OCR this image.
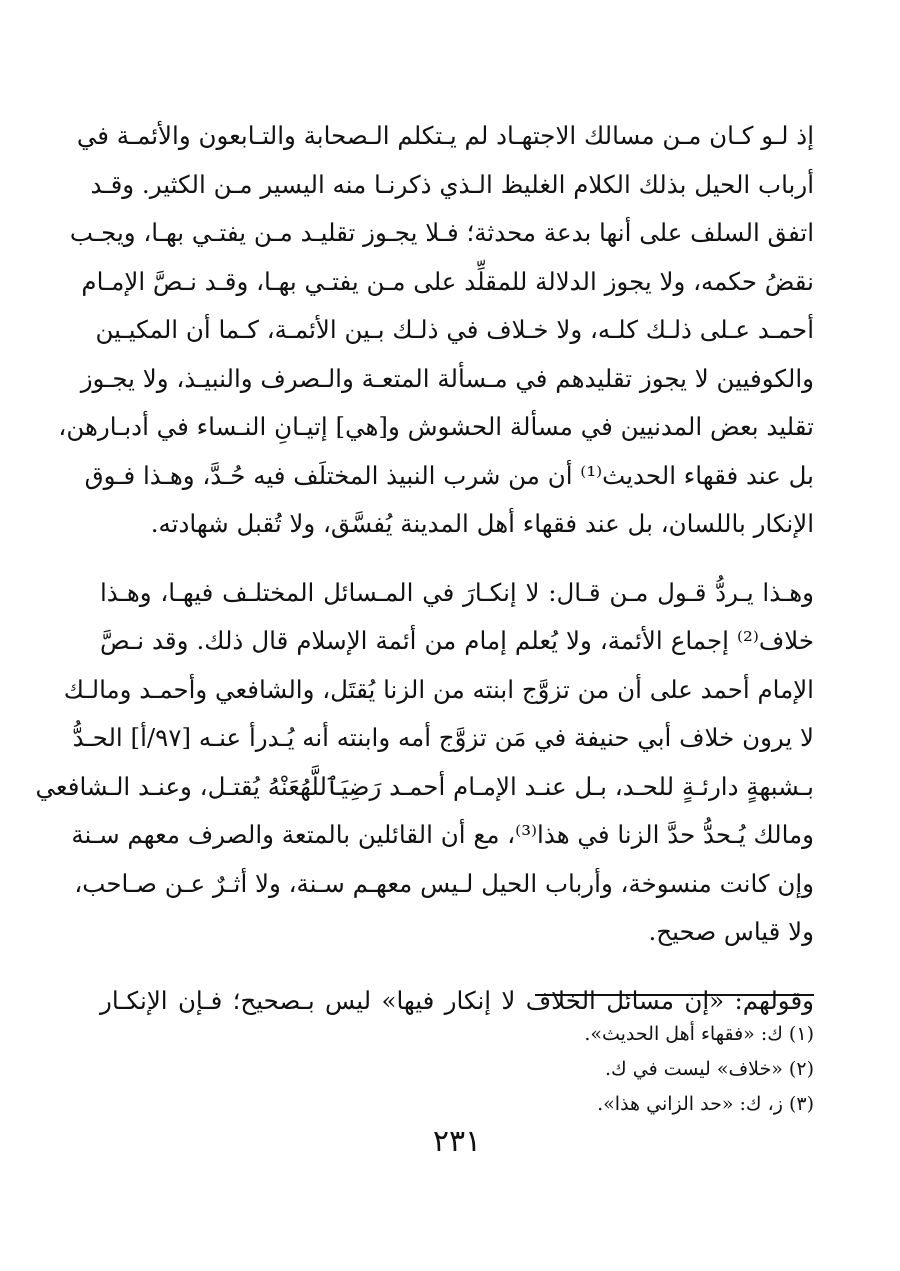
إذ لـو كـان مـن مسالك الاجتهـاد لم يـتكلم الـصحابة والتـابعون والأئمـة في
أرباب الحيل بذلك الكلام الغليظ الـذي ذكرنـا منه اليسير مـن الكثير. وقـد
اتفق السلف على أنها بدعة محدثة؛ فـلا يجـوز تقليـد مـن يفتـي بهـا، ويجـب
نقضُ حكمه، ولا يجوز الدلالة للمقلِّد على مـن يفتـي بهـا، وقـد نـصَّ الإمـام
أحمـد عـلى ذلـك كلـه، ولا خـلاف في ذلـك بـين الأئمـة، كـما أن المكيـين
والكوفيين لا يجوز تقليدهم في مـسألة المتعـة والـصرف والنبيـذ، ولا يجـوز
تقليد بعض المدنيين في مسألة الحشوش و[هي] إتيـانِ النـساء في أدبـارهن،
بل عند فقهاء الحديث⁽¹⁾ أن من شرب النبيذ المختلَف فيه حُـدَّ، وهـذا فـوق
الإنكار باللسان، بل عند فقهاء أهل المدينة يُفسَّق، ولا تُقبل شهادته.
وهـذا يـردُّ قـول مـن قـال: لا إنكـارَ في المـسائل المختلـف فيهـا، وهـذا
خلاف⁽²⁾ إجماع الأئمة، ولا يُعلم إمام من أئمة الإسلام قال ذلك. وقد نـصَّ
الإمام أحمد على أن من تزوَّج ابنته من الزنا يُقتَل، والشافعي وأحمـد ومالـك
لا يرون خلاف أبي حنيفة في مَن تزوَّج أمه وابنته أنه يُـدرأ عنـه [٩٧/أ] الحـدُّ
بـشبهةٍ دارئـةٍ للحـد، بـل عنـد الإمـام أحمـد رَضِيَٱللَّهُعَنْهُ يُقتـل، وعنـد الـشافعي
ومالك يُـحدُّ حدَّ الزنا في هذا⁽³⁾، مع أن القائلين بالمتعة والصرف معهم سـنة
وإن كانت منسوخة، وأرباب الحيل لـيس معهـم سـنة، ولا أثـرٌ عـن صـاحب،
ولا قياس صحيح.
وقولهم: «إن مسائل الخلاف لا إنكار فيها» ليس بـصحيح؛ فـإن الإنكـار
(١) ك: «فقهاء أهل الحديث».
(٢) «خلاف» ليست في ك.
(٣) ز، ك: «حد الزاني هذا».
٢٣١
